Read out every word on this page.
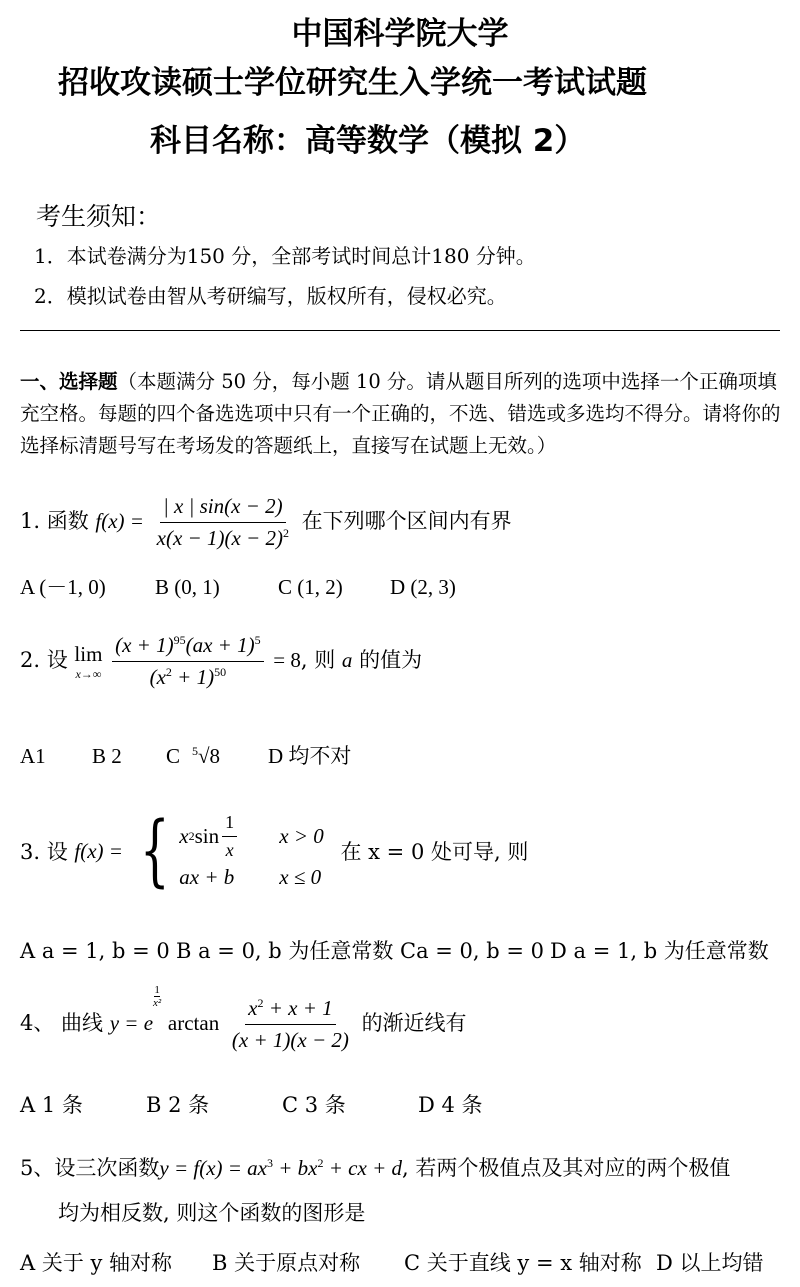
中国科学院大学
招收攻读硕士学位研究生入学统一考试试题
科目名称：高等数学（模拟 2）
考生须知：
1．本试卷满分为150 分，全部考试时间总计180 分钟。
2．模拟试卷由智从考研编写，版权所有，侵权必究。
一、选择题（本题满分 50 分，每小题 10 分。请从题目所列的选项中选择一个正确项填充空格。每题的四个备选选项中只有一个正确的，不选、错选或多选均不得分。请将你的选择标清题号写在考场发的答题纸上，直接写在试题上无效。）
1. 函数 $f(x) = \frac{| x | \sin(x - 2)}{x(x - 1)(x - 2)^2}$ 在下列哪个区间内有界
A (－1, 0) B (0, 1)	C (1, 2) D (2, 3)
2. 设 lim
x→∞
$\frac{(x + 1)^{95}(ax + 1)^5}{(x^2 + 1)^{50}} = 8$, 则 a 的值为
A1 B 2 C $^5$√8 D 均不对
3. 设 f(x) = { x 2 $\sin \frac{1}{x}$ x > 0
ax + b	x ≤ 0
在 x = 0 处可导, 则
A a = 1, b = 0 B a = 0, b 为任意常数 Ca = 0, b = 0 D a = 1, b 为任意常数
4、 曲线 y = e
$\frac{1}{\text{x²}}$
$\arctan \frac{x^2 + x + 1}{(x + 1)(x - 2)}$ 的渐近线有
A 1 条	B 2 条	C 3 条	D 4 条
5、设三次函数$y = f(x) = ax^3 + bx^2$ + cx + d, 若两个极值点及其对应的两个极值
均为相反数, 则这个函数的图形是
A 关于 y 轴对称 B 关于原点对称 C 关于直线 y = x 轴对称 D 以上均错
